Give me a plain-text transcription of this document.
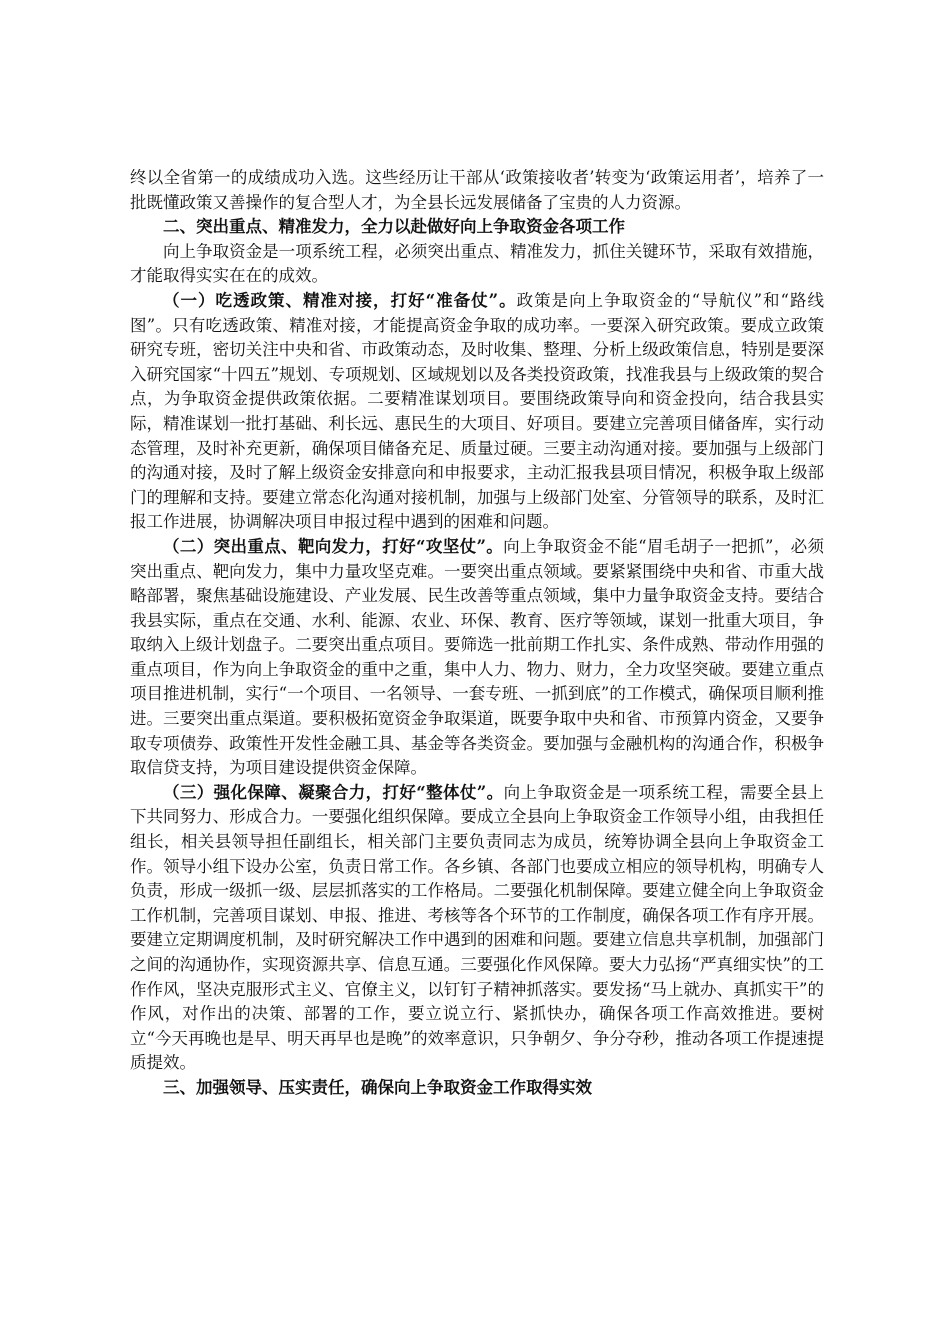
终以全省第一的成绩成功入选。这些经历让干部从‘政策接收者’转变为‘政策运用者’，培养了一批既懂政策又善操作的复合型人才，为全县长远发展储备了宝贵的人力资源。

二、突出重点、精准发力，全力以赴做好向上争取资金各项工作

向上争取资金是一项系统工程，必须突出重点、精准发力，抓住关键环节，采取有效措施，才能取得实实在在的成效。

（一）吃透政策、精准对接，打好“准备仗”。政策是向上争取资金的“导航仪”和“路线图”。只有吃透政策、精准对接，才能提高资金争取的成功率。一要深入研究政策。要成立政策研究专班，密切关注中央和省、市政策动态，及时收集、整理、分析上级政策信息，特别是要深入研究国家“十四五”规划、专项规划、区域规划以及各类投资政策，找准我县与上级政策的契合点，为争取资金提供政策依据。二要精准谋划项目。要围绕政策导向和资金投向，结合我县实际，精准谋划一批打基础、利长远、惠民生的大项目、好项目。要建立完善项目储备库，实行动态管理，及时补充更新，确保项目储备充足、质量过硬。三要主动沟通对接。要加强与上级部门的沟通对接，及时了解上级资金安排意向和申报要求，主动汇报我县项目情况，积极争取上级部门的理解和支持。要建立常态化沟通对接机制，加强与上级部门处室、分管领导的联系，及时汇报工作进展，协调解决项目申报过程中遇到的困难和问题。

（二）突出重点、靶向发力，打好“攻坚仗”。向上争取资金不能“眉毛胡子一把抓”，必须突出重点、靶向发力，集中力量攻坚克难。一要突出重点领域。要紧紧围绕中央和省、市重大战略部署，聚焦基础设施建设、产业发展、民生改善等重点领域，集中力量争取资金支持。要结合我县实际，重点在交通、水利、能源、农业、环保、教育、医疗等领域，谋划一批重大项目，争取纳入上级计划盘子。二要突出重点项目。要筛选一批前期工作扎实、条件成熟、带动作用强的重点项目，作为向上争取资金的重中之重，集中人力、物力、财力，全力攻坚突破。要建立重点项目推进机制，实行“一个项目、一名领导、一套专班、一抓到底”的工作模式，确保项目顺利推进。三要突出重点渠道。要积极拓宽资金争取渠道，既要争取中央和省、市预算内资金，又要争取专项债券、政策性开发性金融工具、基金等各类资金。要加强与金融机构的沟通合作，积极争取信贷支持，为项目建设提供资金保障。

（三）强化保障、凝聚合力，打好“整体仗”。向上争取资金是一项系统工程，需要全县上下共同努力、形成合力。一要强化组织保障。要成立全县向上争取资金工作领导小组，由我担任组长，相关县领导担任副组长，相关部门主要负责同志为成员，统筹协调全县向上争取资金工作。领导小组下设办公室，负责日常工作。各乡镇、各部门也要成立相应的领导机构，明确专人负责，形成一级抓一级、层层抓落实的工作格局。二要强化机制保障。要建立健全向上争取资金工作机制，完善项目谋划、申报、推进、考核等各个环节的工作制度，确保各项工作有序开展。要建立定期调度机制，及时研究解决工作中遇到的困难和问题。要建立信息共享机制，加强部门之间的沟通协作，实现资源共享、信息互通。三要强化作风保障。要大力弘扬“严真细实快”的工作作风，坚决克服形式主义、官僚主义，以钉钉子精神抓落实。要发扬“马上就办、真抓实干”的作风，对作出的决策、部署的工作，要立说立行、紧抓快办，确保各项工作高效推进。要树立“今天再晚也是早、明天再早也是晚”的效率意识，只争朝夕、争分夺秒，推动各项工作提速提质提效。

三、加强领导、压实责任，确保向上争取资金工作取得实效
